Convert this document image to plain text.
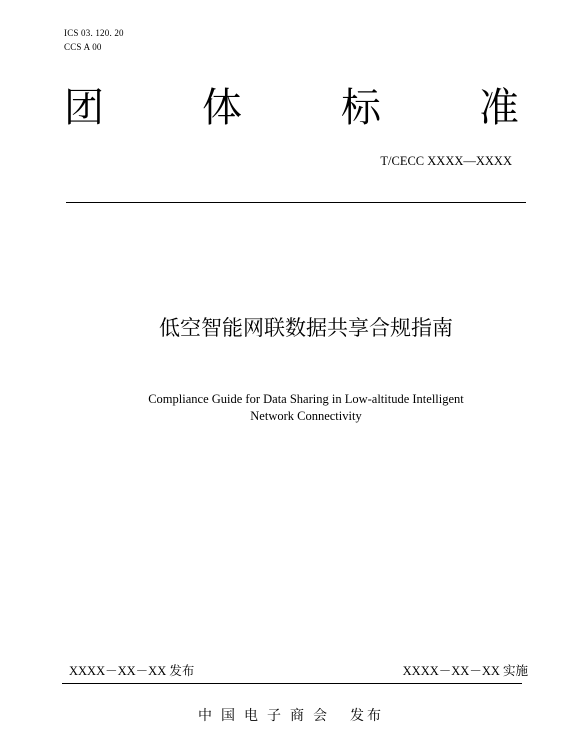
ICS 03. 120. 20
CCS A 00
团 体 标 准
T/CECC XXXX—XXXX
低空智能网联数据共享合规指南
Compliance Guide for Data Sharing in Low-altitude Intelligent
Network Connectivity
XXXX－XX－XX 发布	XXXX－XX－XX 实施
中国电子商会 发布
